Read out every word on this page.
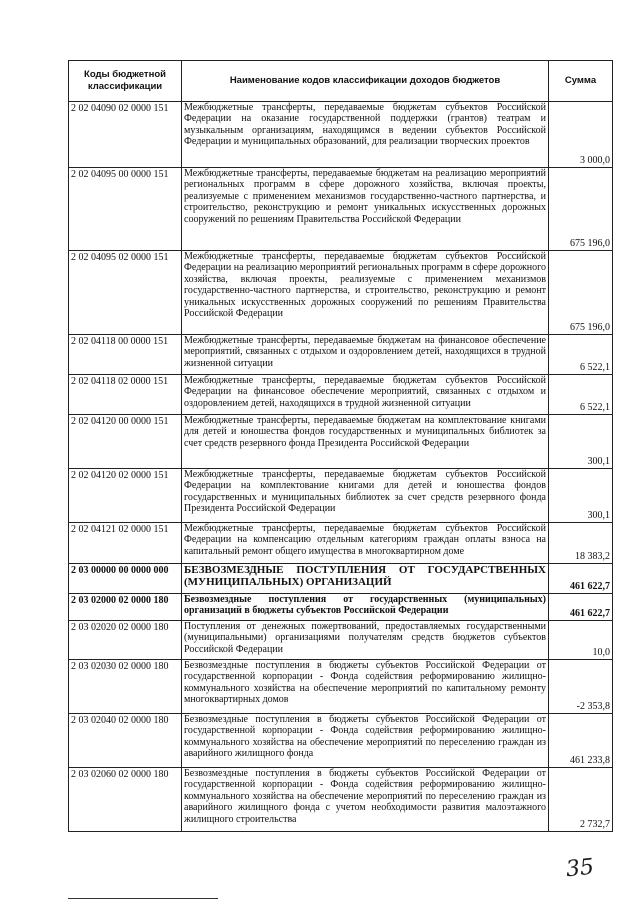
Коды бюджетной классификации	Наименование кодов классификации доходов бюджетов	Сумма
2 02 04090 02 0000 151	Межбюджетные трансферты, передаваемые бюджетам субъектов Российской Федерации на оказание государственной поддержки (грантов) театрам и музыкальным организациям, находящимся в ведении субъектов Российской Федерации и муниципальных образований, для реализации творческих проектов	3 000,0
2 02 04095 00 0000 151	Межбюджетные трансферты, передаваемые бюджетам на реализацию мероприятий региональных программ в сфере дорожного хозяйства, включая проекты, реализуемые с применением механизмов государственно-частного партнерства, и строительство, реконструкцию и ремонт уникальных искусственных дорожных сооружений по решениям Правительства Российской Федерации	675 196,0
2 02 04095 02 0000 151	Межбюджетные трансферты, передаваемые бюджетам субъектов Российской Федерации на реализацию мероприятий региональных программ в сфере дорожного хозяйства, включая проекты, реализуемые с применением механизмов государственно-частного партнерства, и строительство, реконструкцию и ремонт уникальных искусственных дорожных сооружений по решениям Правительства Российской Федерации	675 196,0
2 02 04118 00 0000 151	Межбюджетные трансферты, передаваемые бюджетам на финансовое обеспечение мероприятий, связанных с отдыхом и оздоровлением детей, находящихся в трудной жизненной ситуации	6 522,1
2 02 04118 02 0000 151	Межбюджетные трансферты, передаваемые бюджетам субъектов Российской Федерации на финансовое обеспечение мероприятий, связанных с отдыхом и оздоровлением детей, находящихся в трудной жизненной ситуации	6 522,1
2 02 04120 00 0000 151	Межбюджетные трансферты, передаваемые бюджетам на комплектование книгами для детей и юношества фондов государственных и муниципальных библиотек за счет средств резервного фонда Президента Российской Федерации	300,1
2 02 04120 02 0000 151	Межбюджетные трансферты, передаваемые бюджетам субъектов Российской Федерации на комплектование книгами для детей и юношества фондов государственных и муниципальных библиотек за счет средств резервного фонда Президента Российской Федерации	300,1
2 02 04121 02 0000 151	Межбюджетные трансферты, передаваемые бюджетам субъектов Российской Федерации на компенсацию отдельным категориям граждан оплаты взноса на капитальный ремонт общего имущества в многоквартирном доме	18 383,2
2 03 00000 00 0000 000	БЕЗВОЗМЕЗДНЫЕ ПОСТУПЛЕНИЯ ОТ ГОСУДАРСТВЕННЫХ (МУНИЦИПАЛЬНЫХ) ОРГАНИЗАЦИЙ	461 622,7
2 03 02000 02 0000 180	Безвозмездные поступления от государственных (муниципальных) организаций в бюджеты субъектов Российской Федерации	461 622,7
2 03 02020 02 0000 180	Поступления от денежных пожертвований, предоставляемых государственными (муниципальными) организациями получателям средств бюджетов субъектов Российской Федерации	10,0
2 03 02030 02 0000 180	Безвозмездные поступления в бюджеты субъектов Российской Федерации от государственной корпорации - Фонда содействия реформированию жилищно-коммунального хозяйства на обеспечение мероприятий по капитальному ремонту многоквартирных домов	-2 353,8
2 03 02040 02 0000 180	Безвозмездные поступления в бюджеты субъектов Российской Федерации от государственной корпорации - Фонда содействия реформированию жилищно-коммунального хозяйства на обеспечение мероприятий по переселению граждан из аварийного жилищного фонда	461 233,8
2 03 02060 02 0000 180	Безвозмездные поступления в бюджеты субъектов Российской Федерации от государственной корпорации - Фонда содействия реформированию жилищно-коммунального хозяйства на обеспечение мероприятий по переселению граждан из аварийного жилищного фонда с учетом необходимости развития малоэтажного жилищного строительства	2 732,7
35
